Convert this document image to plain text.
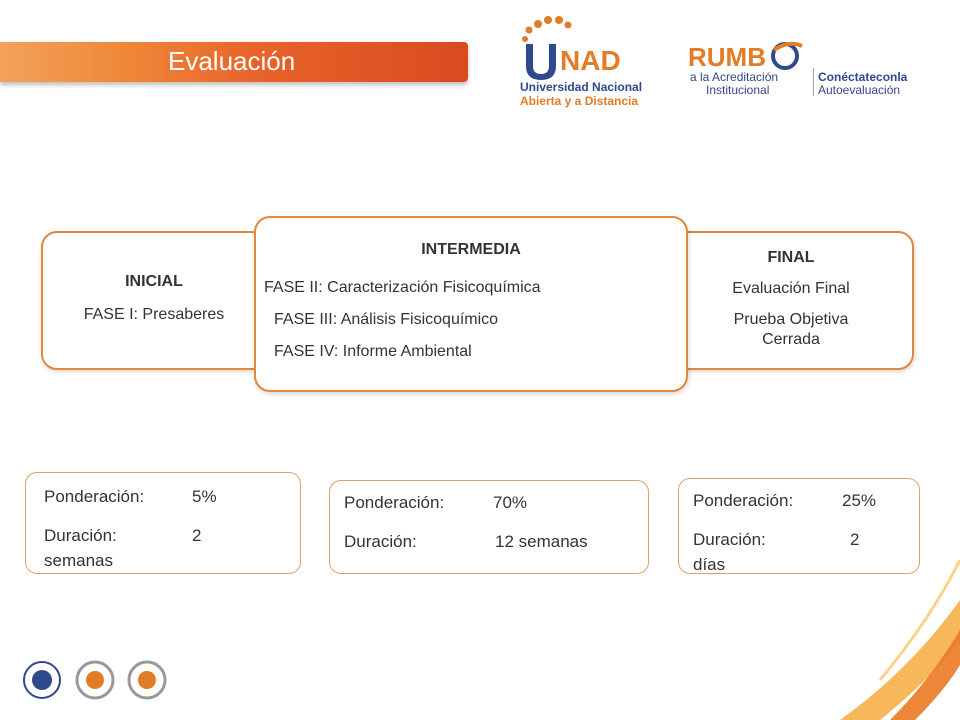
Evaluación	NAD
Universidad Nacional
Abierta y a Distancia
RUMB
a la Acreditación
Institucional
Conéctateconla
Autoevaluación
INICIAL
FASE I: Presaberes
FINAL
Evaluación Final
Prueba Objetiva
Cerrada
INTERMEDIA
FASE II: Caracterización Fisicoquímica
FASE III: Análisis Fisicoquímico
FASE IV: Informe Ambiental
Ponderación:	5%
Duración:	2
semanas
Ponderación:	70%
Duración:	12 semanas
Ponderación:	25%
Duración:	2
días
